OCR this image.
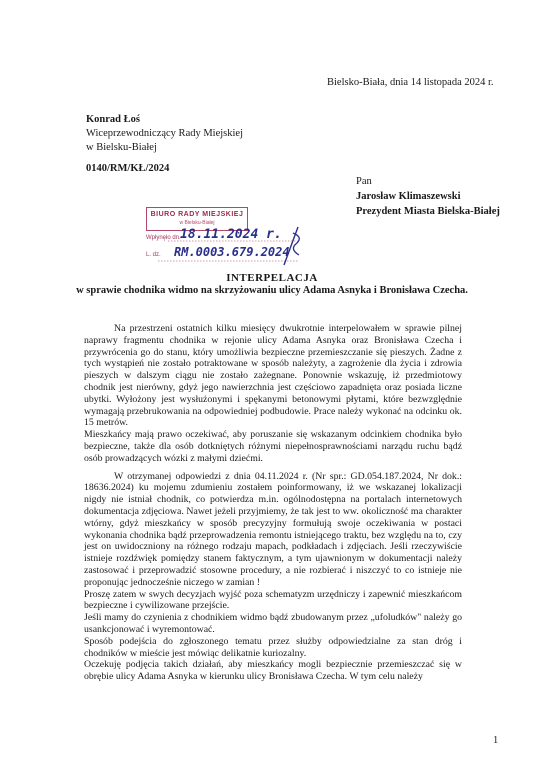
Bielsko-Biała, dnia 14 listopada 2024 r.
Konrad Łoś
Wiceprzewodniczący Rady Miejskiej
w Bielsku-Białej
0140/RM/KŁ/2024
Pan
Jarosław Klimaszewski
Prezydent Miasta Bielska-Białej
BIURO RADY MIEJSKIEJ
w Bielsku-Białej
Wpłynęło dn. 18.11.2024 r.
L. dz. RM.0003.679.2024
INTERPELACJA
w sprawie chodnika widmo na skrzyżowaniu ulicy Adama Asnyka i Bronisława Czecha.

Na przestrzeni ostatnich kilku miesięcy dwukrotnie interpelowałem w sprawie pilnej naprawy fragmentu chodnika w rejonie ulicy Adama Asnyka oraz Bronisława Czecha i przywrócenia go do stanu, który umożliwia bezpieczne przemieszczanie się pieszych. Żadne z tych wystąpień nie zostało potraktowane w sposób należyty, a zagrożenie dla życia i zdrowia pieszych w dalszym ciągu nie zostało zażegnane. Ponownie wskazuję, iż przedmiotowy chodnik jest nierówny, gdyż jego nawierzchnia jest częściowo zapadnięta oraz posiada liczne ubytki. Wyłożony jest wysłużonymi i spękanymi betonowymi płytami, które bezwzględnie wymagają przebrukowania na odpowiedniej podbudowie. Prace należy wykonać na odcinku ok. 15 metrów.

Mieszkańcy mają prawo oczekiwać, aby poruszanie się wskazanym odcinkiem chodnika było bezpieczne, także dla osób dotkniętych różnymi niepełnosprawnościami narządu ruchu bądź osób prowadzących wózki z małymi dziećmi.

W otrzymanej odpowiedzi z dnia 04.11.2024 r. (Nr spr.: GD.054.187.2024, Nr dok.: 18636.2024) ku mojemu zdumieniu zostałem poinformowany, iż we wskazanej lokalizacji nigdy nie istniał chodnik, co potwierdza m.in. ogólnodostępna na portalach internetowych dokumentacja zdjęciowa. Nawet jeżeli przyjmiemy, że tak jest to ww. okoliczność ma charakter wtórny, gdyż mieszkańcy w sposób precyzyjny formułują swoje oczekiwania w postaci wykonania chodnika bądź przeprowadzenia remontu istniejącego traktu, bez względu na to, czy jest on uwidoczniony na różnego rodzaju mapach, podkładach i zdjęciach. Jeśli rzeczywiście istnieje rozdźwięk pomiędzy stanem faktycznym, a tym ujawnionym w dokumentacji należy zastosować i przeprowadzić stosowne procedury, a nie rozbierać i niszczyć to co istnieje nie proponując jednocześnie niczego w zamian !

Proszę zatem w swych decyzjach wyjść poza schematyzm urzędniczy i zapewnić mieszkańcom bezpieczne i cywilizowane przejście.

Jeśli mamy do czynienia z chodnikiem widmo bądź zbudowanym przez „ufoludków" należy go usankcjonować i wyremontować.

Sposób podejścia do zgłoszonego tematu przez służby odpowiedzialne za stan dróg i chodników w mieście jest mówiąc delikatnie kuriozalny.

Oczekuję podjęcia takich działań, aby mieszkańcy mogli bezpiecznie przemieszczać się w obrębie ulicy Adama Asnyka w kierunku ulicy Bronisława Czecha. W tym celu należy

1
